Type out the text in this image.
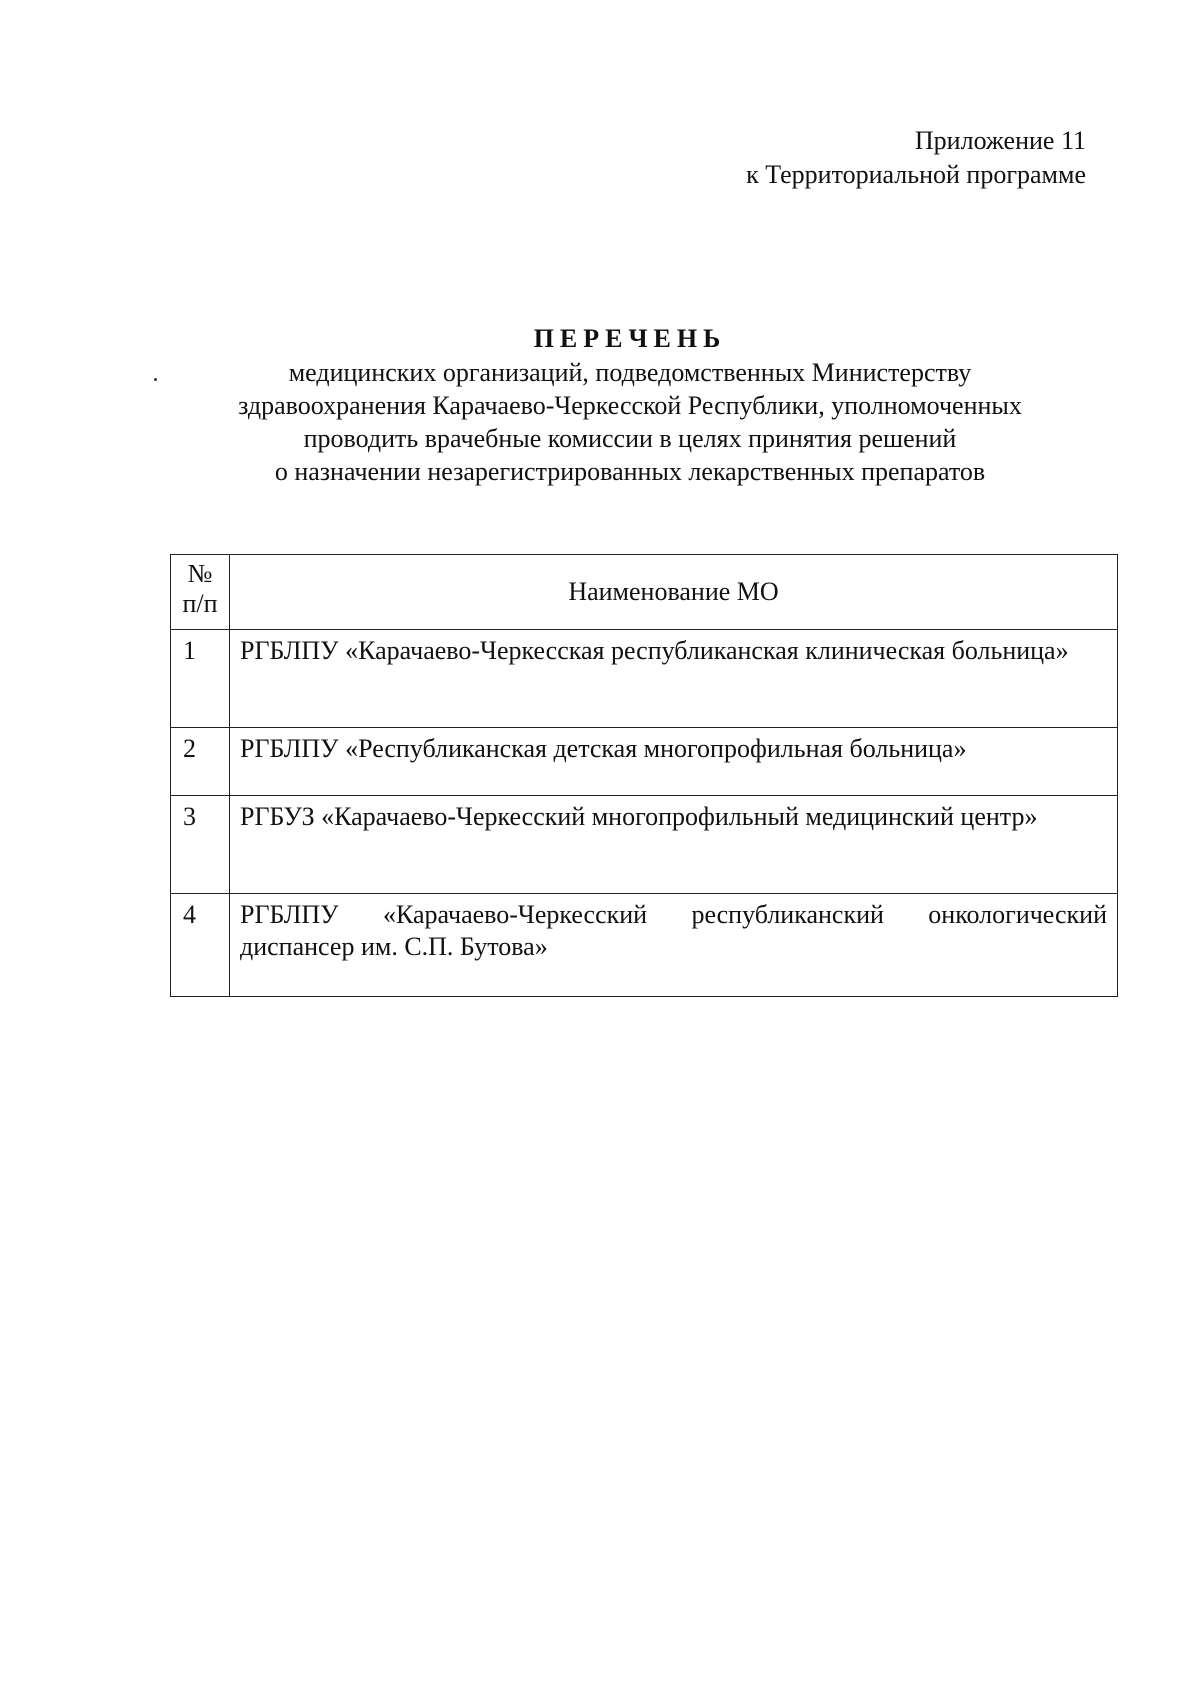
Приложение 11
к Территориальной программе
ПЕРЕЧЕНЬ
медицинских организаций, подведомственных Министерству
здравоохранения Карачаево-Черкесской Республики, уполномоченных
проводить врачебные комиссии в целях принятия решений
о назначении незарегистрированных лекарственных препаратов
№
п/п	Наименование МО
1	РГБЛПУ «Карачаево-Черкесская республиканская клиническая больница»
2	РГБЛПУ «Республиканская детская многопрофильная больница»
3	РГБУЗ «Карачаево-Черкесский многопрофильный медицинский центр»
4	РГБЛПУ «Карачаево-Черкесский республиканский онкологический диспансер им. С.П. Бутова»
